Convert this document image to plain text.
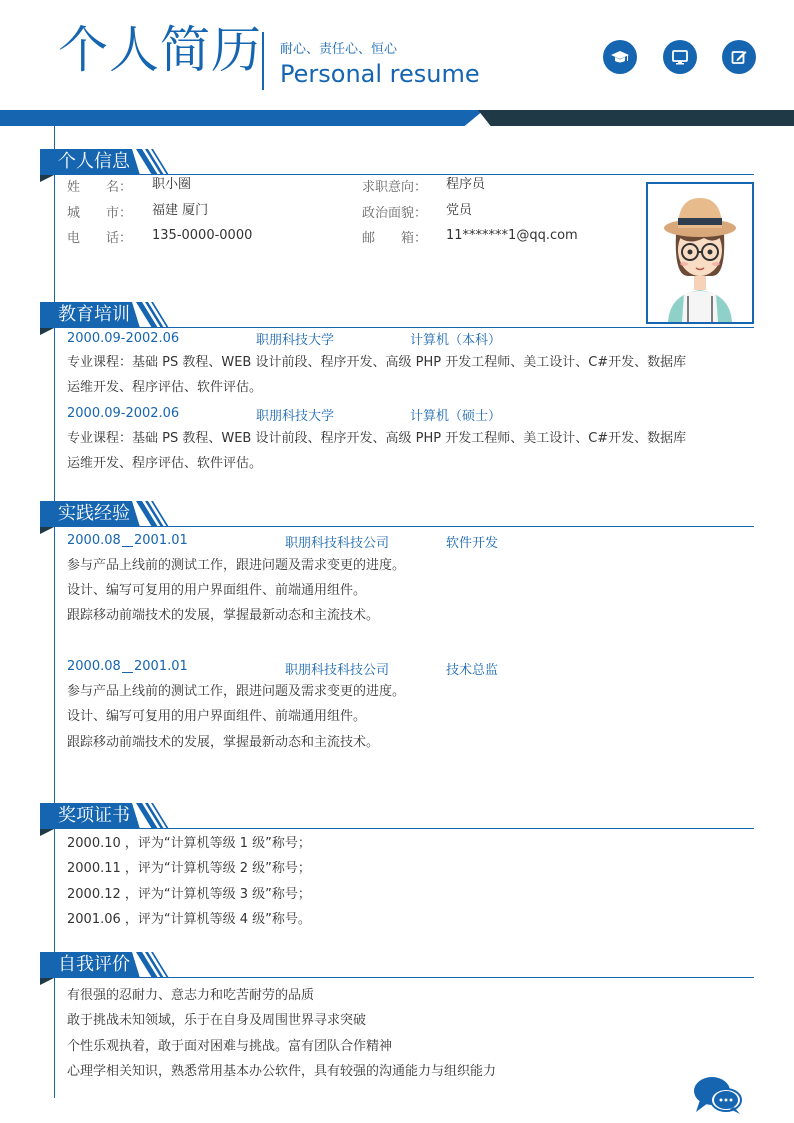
个人简历 耐心、责任心、恒心
Personal resume
个人信息
姓　　名： 职小圈
城　　市： 福建 厦门
电　　话： 135-0000-0000
求职意向： 程序员
政治面貌： 党员
邮　　箱： 11*******1@qq.com
教育培训
2000.09-2002.06	职朋科技大学	计算机（本科）
专业课程：基础 PS 教程、WEB 设计前段、程序开发、高级 PHP 开发工程师、美工设计、C#开发、数据库
运维开发、程序评估、软件评估。
2000.09-2002.06	职朋科技大学	计算机（硕士）
专业课程：基础 PS 教程、WEB 设计前段、程序开发、高级 PHP 开发工程师、美工设计、C#开发、数据库
运维开发、程序评估、软件评估。
实践经验
2000.08 2001.01	职朋科技科技公司	软件开发
参与产品上线前的测试工作，跟进问题及需求变更的进度。
设计、编写可复用的用户界面组件、前端通用组件。
跟踪移动前端技术的发展，掌握最新动态和主流技术。
2000.08 2001.01	职朋科技科技公司	技术总监
参与产品上线前的测试工作，跟进问题及需求变更的进度。
设计、编写可复用的用户界面组件、前端通用组件。
跟踪移动前端技术的发展，掌握最新动态和主流技术。
奖项证书
2000.10 ，评为“计算机等级 1 级”称号；
2000.11 ，评为“计算机等级 2 级”称号；
2000.12 ，评为“计算机等级 3 级”称号；
2001.06 ，评为“计算机等级 4 级”称号。
自我评价
有很强的忍耐力、意志力和吃苦耐劳的品质
敢于挑战未知领域，乐于在自身及周围世界寻求突破
个性乐观执着，敢于面对困难与挑战。富有团队合作精神
心理学相关知识，熟悉常用基本办公软件，具有较强的沟通能力与组织能力
